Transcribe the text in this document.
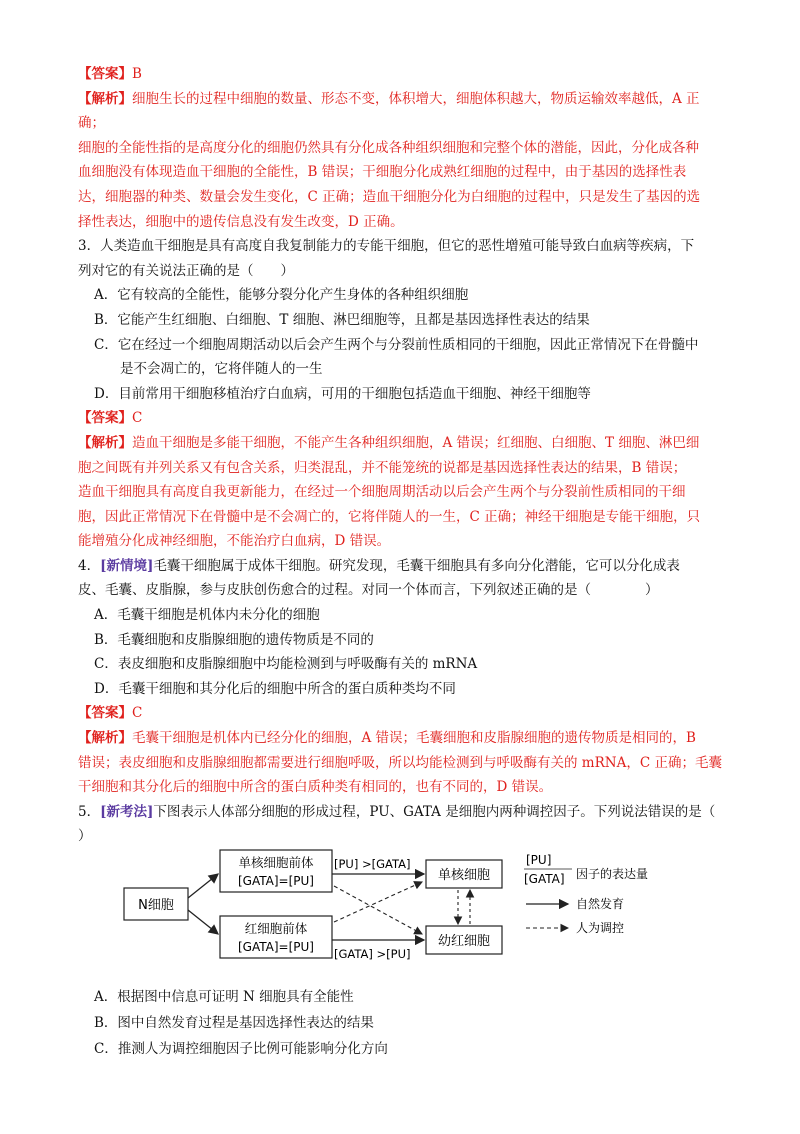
【答案】B
【解析】细胞生长的过程中细胞的数量、形态不变，体积增大，细胞体积越大，物质运输效率越低，A 正
确；
细胞的全能性指的是高度分化的细胞仍然具有分化成各种组织细胞和完整个体的潜能，因此，分化成各种
血细胞没有体现造血干细胞的全能性，B 错误；干细胞分化成熟红细胞的过程中，由于基因的选择性表
达，细胞器的种类、数量会发生变化，C 正确；造血干细胞分化为白细胞的过程中，只是发生了基因的选
择性表达，细胞中的遗传信息没有发生改变，D 正确。
3．人类造血干细胞是具有高度自我复制能力的专能干细胞，但它的恶性增殖可能导致白血病等疾病，下
列对它的有关说法正确的是（　　）
A．它有较高的全能性，能够分裂分化产生身体的各种组织细胞
B．它能产生红细胞、白细胞、T 细胞、淋巴细胞等，且都是基因选择性表达的结果
C．它在经过一个细胞周期活动以后会产生两个与分裂前性质相同的干细胞，因此正常情况下在骨髓中
是不会凋亡的，它将伴随人的一生
D．目前常用干细胞移植治疗白血病，可用的干细胞包括造血干细胞、神经干细胞等
【答案】C
【解析】造血干细胞是多能干细胞，不能产生各种组织细胞，A 错误；红细胞、白细胞、T 细胞、淋巴细
胞之间既有并列关系又有包含关系，归类混乱，并不能笼统的说都是基因选择性表达的结果，B 错误；
造血干细胞具有高度自我更新能力，在经过一个细胞周期活动以后会产生两个与分裂前性质相同的干细
胞，因此正常情况下在骨髓中是不会凋亡的，它将伴随人的一生，C 正确；神经干细胞是专能干细胞，只
能增殖分化成神经细胞，不能治疗白血病，D 错误。
4．[新情境]毛囊干细胞属于成体干细胞。研究发现，毛囊干细胞具有多向分化潜能，它可以分化成表
皮、毛囊、皮脂腺，参与皮肤创伤愈合的过程。对同一个体而言，下列叙述正确的是（　　　　）
A．毛囊干细胞是机体内未分化的细胞
B．毛囊细胞和皮脂腺细胞的遗传物质是不同的
C．表皮细胞和皮脂腺细胞中均能检测到与呼吸酶有关的 mRNA
D．毛囊干细胞和其分化后的细胞中所含的蛋白质种类均不同
【答案】C
【解析】毛囊干细胞是机体内已经分化的细胞，A 错误；毛囊细胞和皮脂腺细胞的遗传物质是相同的，B
错误；表皮细胞和皮脂腺细胞都需要进行细胞呼吸，所以均能检测到与呼吸酶有关的 mRNA，C 正确；毛囊
干细胞和其分化后的细胞中所含的蛋白质种类有相同的，也有不同的，D 错误。
5．[新考法]下图表示人体部分细胞的形成过程，PU、GATA 是细胞内两种调控因子。下列说法错误的是（
）
N细胞
单核细胞前体
[GATA]=[PU]
红细胞前体
[GATA]=[PU]
单核细胞
幼红细胞
[PU] >[GATA]
[GATA] >[PU]
[PU]
[GATA] 因子的表达量
自然发育
人为调控
A．根据图中信息可证明 N 细胞具有全能性
B．图中自然发育过程是基因选择性表达的结果
C．推测人为调控细胞因子比例可能影响分化方向
